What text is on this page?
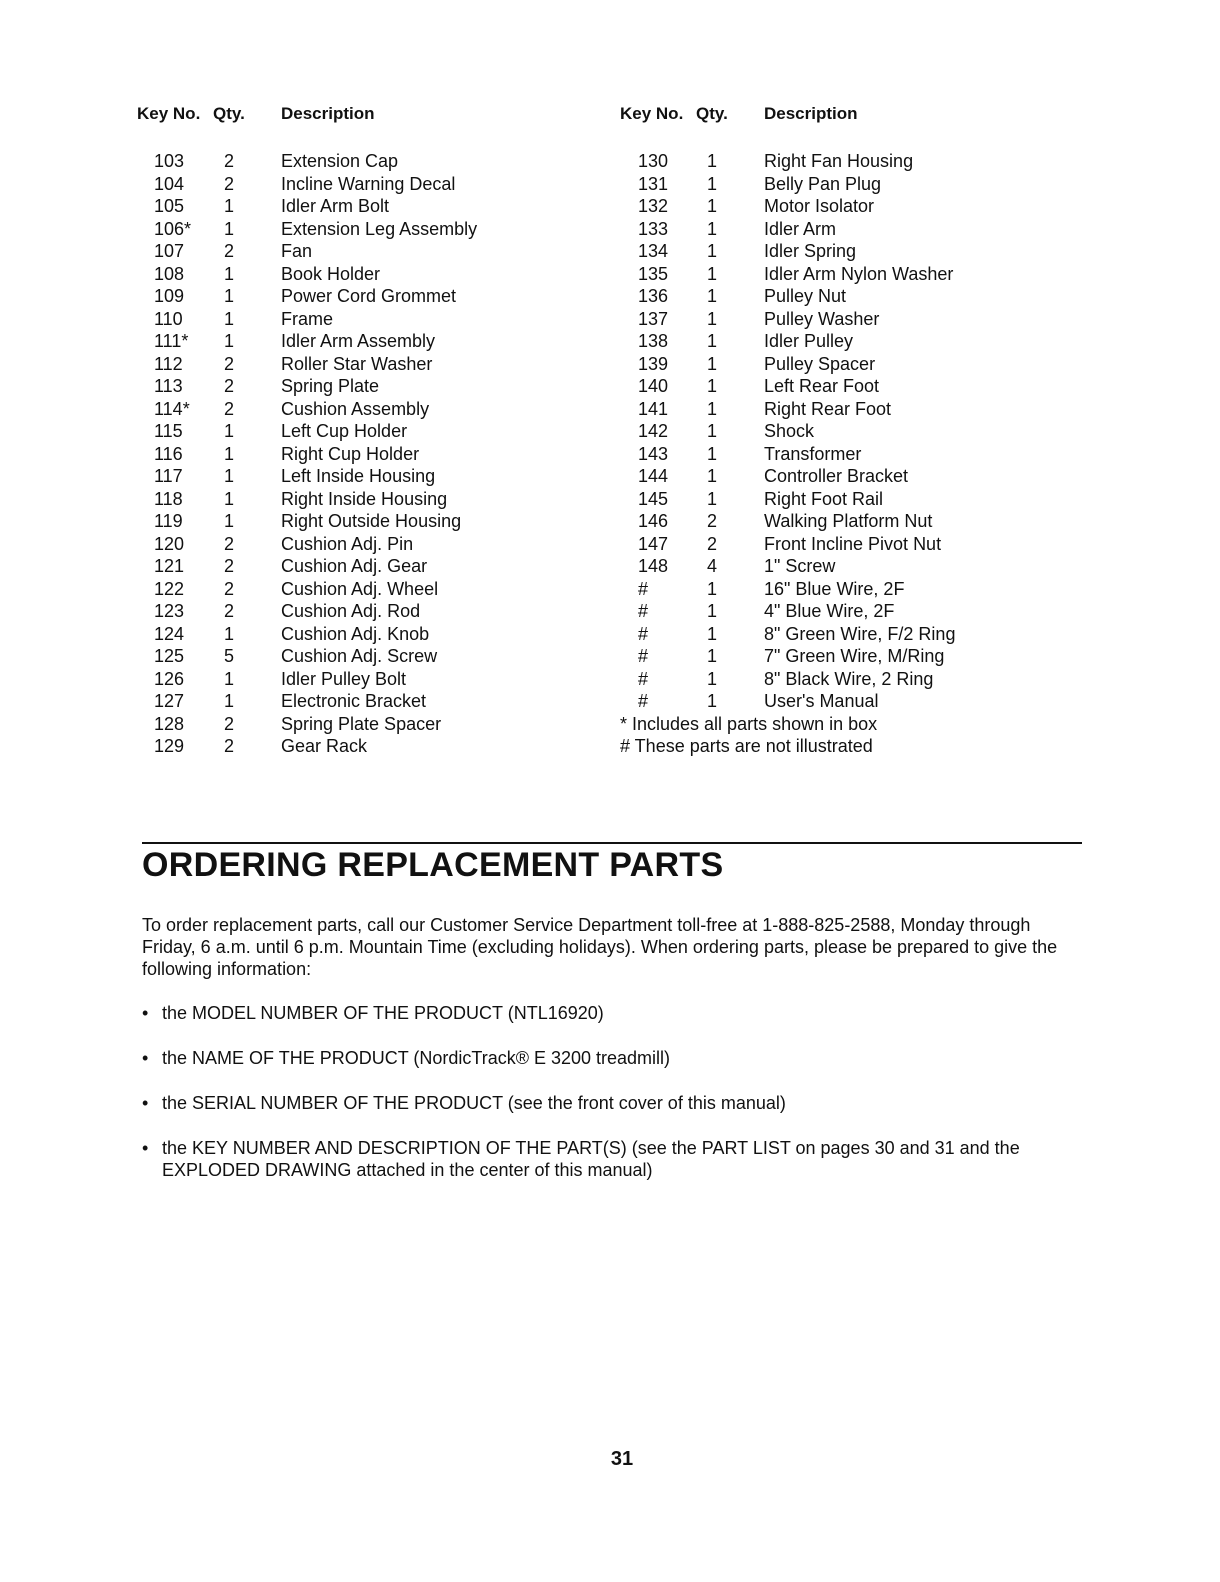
Key No. Qty.	Description
103	2	Extension Cap
104	2	Incline Warning Decal
105	1	Idler Arm Bolt
106*	1	Extension Leg Assembly
107	2	Fan
108	1	Book Holder
109	1	Power Cord Grommet
110	1	Frame
111*	1	Idler Arm Assembly
112	2	Roller Star Washer
113	2	Spring Plate
114*	2	Cushion Assembly
115	1	Left Cup Holder
116	1	Right Cup Holder
117	1	Left Inside Housing
118	1	Right Inside Housing
119	1	Right Outside Housing
120	2	Cushion Adj. Pin
121	2	Cushion Adj. Gear
122	2	Cushion Adj. Wheel
123	2	Cushion Adj. Rod
124	1	Cushion Adj. Knob
125	5	Cushion Adj. Screw
126	1	Idler Pulley Bolt
127	1	Electronic Bracket
128	2	Spring Plate Spacer
129	2	Gear Rack
Key No. Qty.	Description
130	1	Right Fan Housing
131	1	Belly Pan Plug
132	1	Motor Isolator
133	1	Idler Arm
134	1	Idler Spring
135	1	Idler Arm Nylon Washer
136	1	Pulley Nut
137	1	Pulley Washer
138	1	Idler Pulley
139	1	Pulley Spacer
140	1	Left Rear Foot
141	1	Right Rear Foot
142	1	Shock
143	1	Transformer
144	1	Controller Bracket
145	1	Right Foot Rail
146	2	Walking Platform Nut
147	2	Front Incline Pivot Nut
148	4	1" Screw
#	1	16" Blue Wire, 2F
#	1	4" Blue Wire, 2F
#	1	8" Green Wire, F/2 Ring
#	1	7" Green Wire, M/Ring
#	1	8" Black Wire, 2 Ring
#	1	User's Manual
* Includes all parts shown in box
# These parts are not illustrated
ORDERING REPLACEMENT PARTS

To order replacement parts, call our Customer Service Department toll-free at 1-888-825-2588, Monday through Friday, 6 a.m. until 6 p.m. Mountain Time (excluding holidays). When ordering parts, please be prepared to give the following information:

• the MODEL NUMBER OF THE PRODUCT (NTL16920)
• the NAME OF THE PRODUCT (NordicTrack® E 3200 treadmill)
• the SERIAL NUMBER OF THE PRODUCT (see the front cover of this manual)
• the KEY NUMBER AND DESCRIPTION OF THE PART(S) (see the PART LIST on pages 30 and 31 and the EXPLODED DRAWING attached in the center of this manual)
31
